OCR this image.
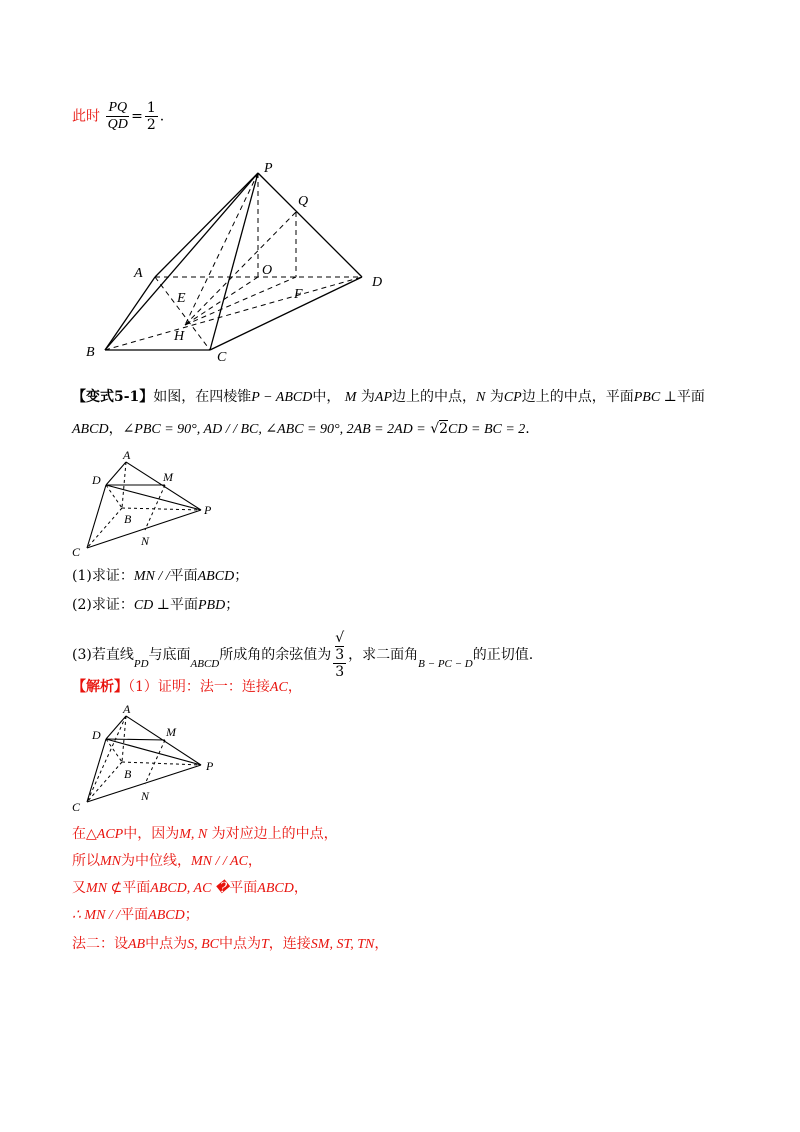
此时 $\frac{PQ}{QD} = \frac{1}{2}$ .
P
Q
A	O
D
E	F
H
B	C
【变式5-1】如图，在四棱锥P − ABCD中， M 为AP边上的中点，N 为CP边上的中点，平面PBC ⊥平面
ABCD，∠PBC = 90°, AD / / BC, ∠ABC = 90°, 2AB = 2AD = √2CD = BC = 2.
A
D	M
B
P
N
C
(1)求证：MN / /平面ABCD；
(2)求证：CD ⊥平面PBD；
(3)若直线$_{PD}$与底面$_{ABCD}$所成角的余弦值为 √
3
3 ，求二面角$_{B - PC - D}$的正切值.
【解析】（1）证明：法一：连接AC，
A
D	M
B
P
N
C
在△ACP中，因为M, N 为对应边上的中点，
所以MN为中位线，MN / / AC，
又MN ⊄平面ABCD, AC �平面ABCD，
∴ MN / /平面ABCD；
法二：设AB中点为S, BC中点为T，连接SM, ST, TN，
